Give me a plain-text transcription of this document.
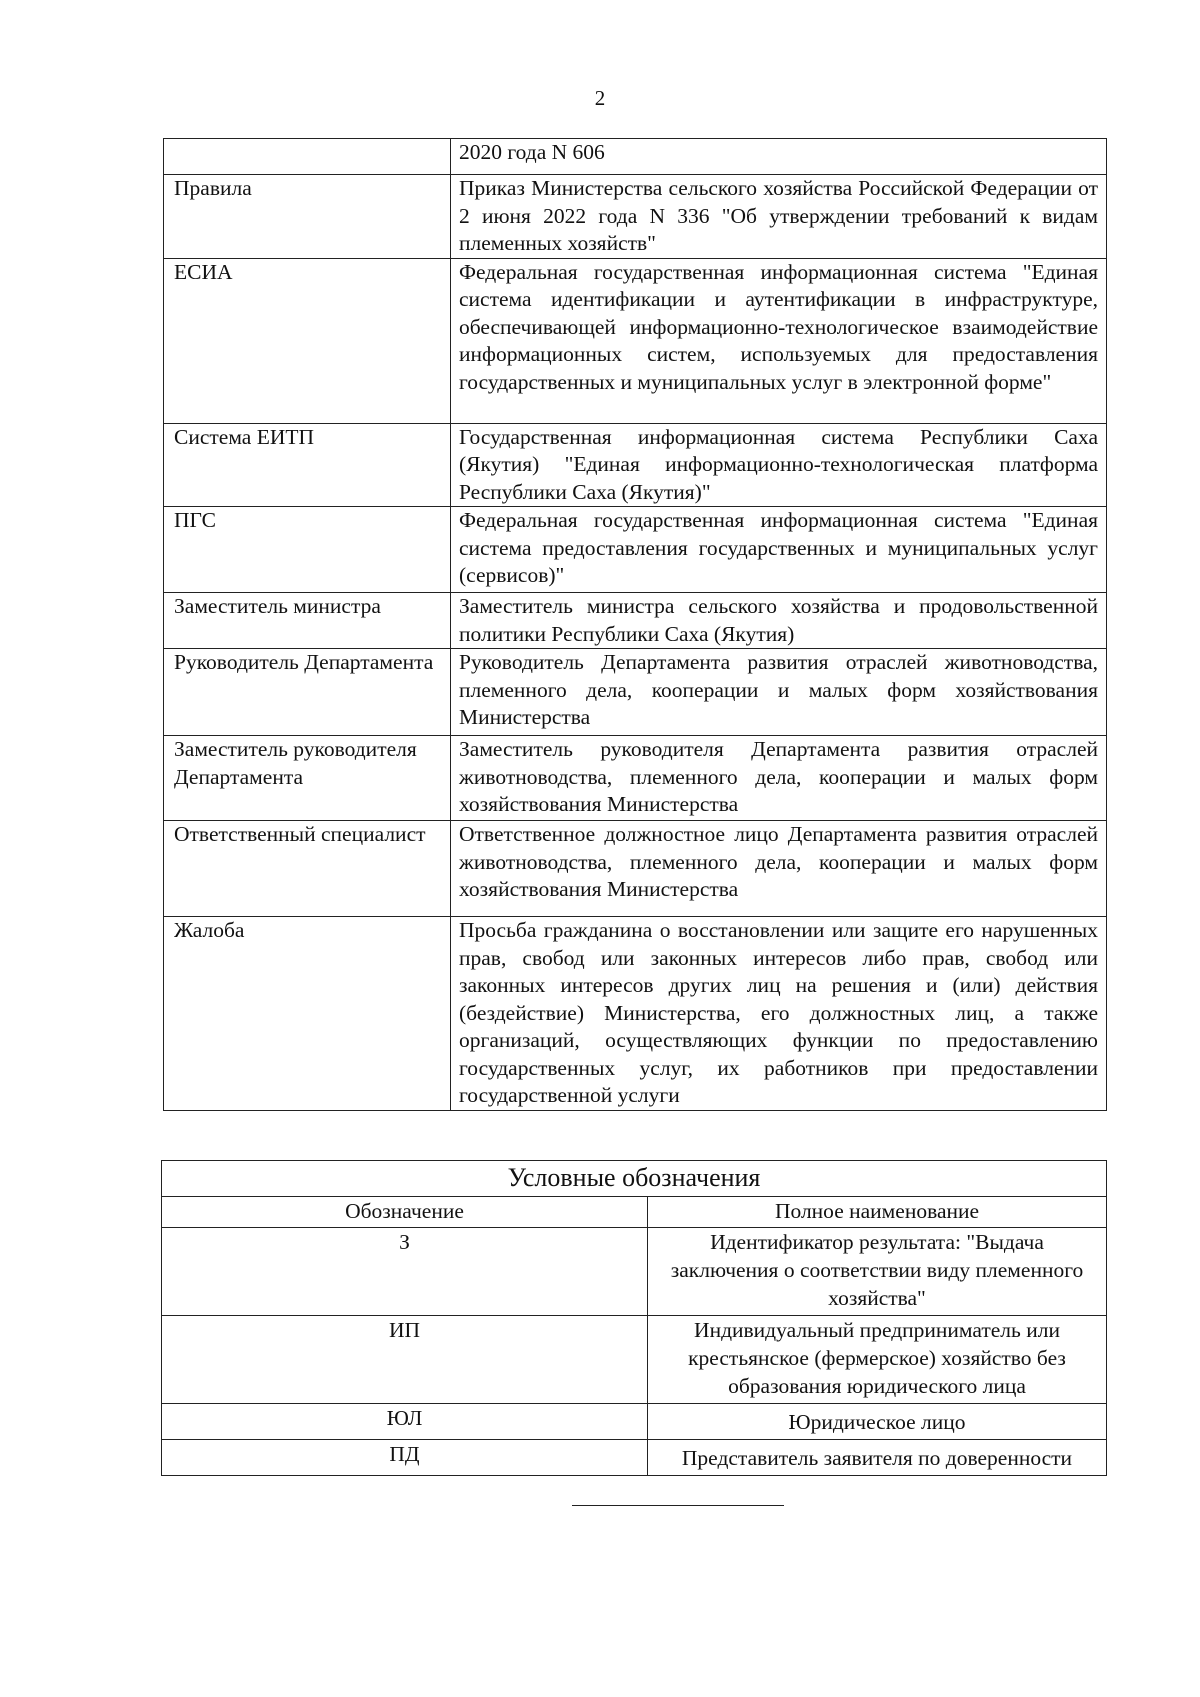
2
	2020 года N 606
Правила	Приказ Министерства сельского хозяйства Российской Федерации от 2 июня 2022 года N 336 "Об утверждении требований к видам племенных хозяйств"
ЕСИА	Федеральная государственная информационная система "Единая система идентификации и аутентификации в инфраструктуре, обеспечивающей информационно-технологическое взаимодействие информационных систем, используемых для предоставления государственных и муниципальных услуг в электронной форме"
Система ЕИТП	Государственная информационная система Республики Саха (Якутия) "Единая информационно-технологическая платформа Республики Саха (Якутия)"
ПГС	Федеральная государственная информационная система "Единая система предоставления государственных и муниципальных услуг (сервисов)"
Заместитель министра	Заместитель министра сельского хозяйства и продовольственной политики Республики Саха (Якутия)
Руководитель Департамента	Руководитель Департамента развития отраслей животноводства, племенного дела, кооперации и малых форм хозяйствования Министерства
Заместитель руководителя Департамента	Заместитель руководителя Департамента развития отраслей животноводства, племенного дела, кооперации и малых форм хозяйствования Министерства
Ответственный специалист	Ответственное должностное лицо Департамента развития отраслей животноводства, племенного дела, кооперации и малых форм хозяйствования Министерства
Жалоба	Просьба гражданина о восстановлении или защите его нарушенных прав, свобод или законных интересов либо прав, свобод или законных интересов других лиц на решения и (или) действия (бездействие) Министерства, его должностных лиц, а также организаций, осуществляющих функции по предоставлению государственных услуг, их работников при предоставлении государственной услуги
Условные обозначения	
Обозначение	Полное наименование
З	Идентификатор результата: "Выдача заключения о соответствии виду племенного хозяйства"
ИП	Индивидуальный предприниматель или крестьянское (фермерское) хозяйство без образования юридического лица
ЮЛ	Юридическое лицо
ПД	Представитель заявителя по доверенности
